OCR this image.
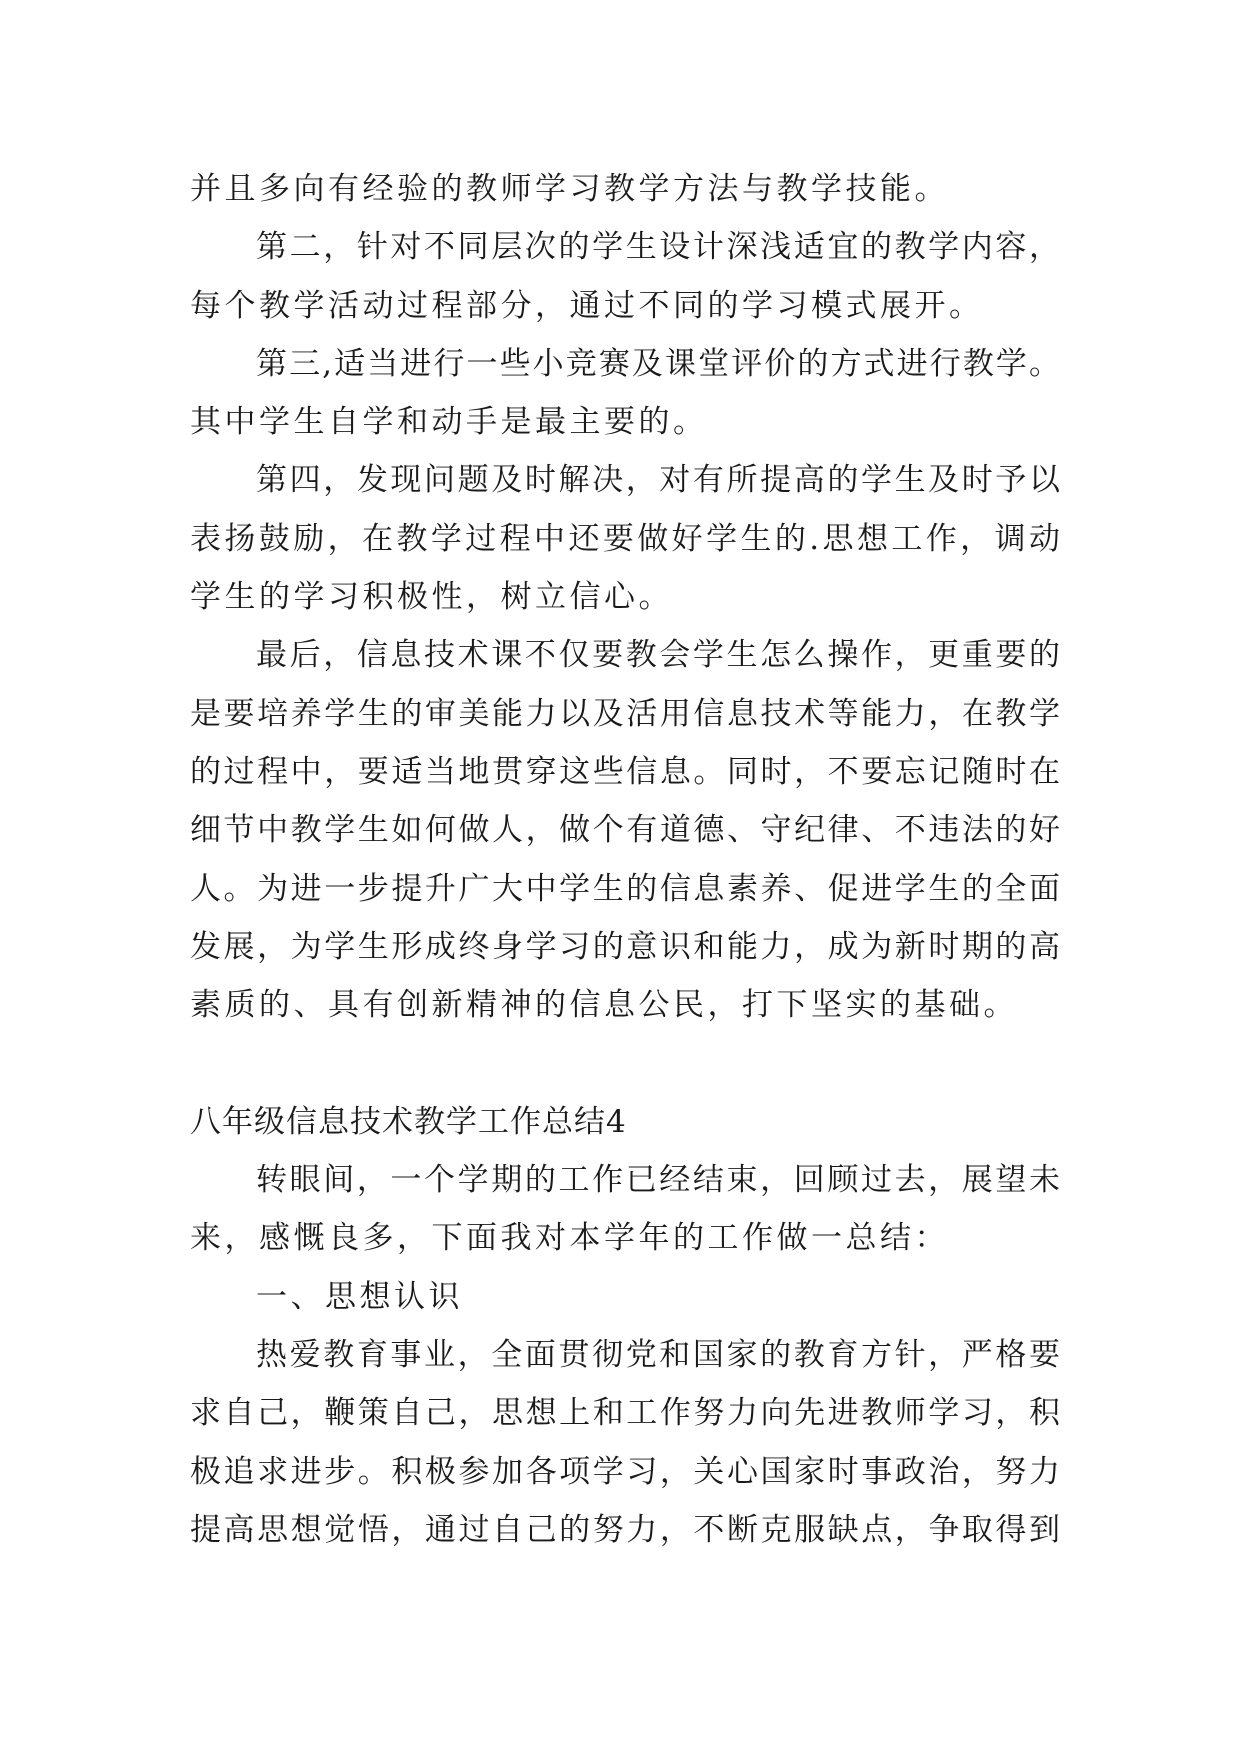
并且多向有经验的教师学习教学方法与教学技能。
第二，针对不同层次的学生设计深浅适宜的教学内容，
每个教学活动过程部分，通过不同的学习模式展开。
第三,适当进行一些小竞赛及课堂评价的方式进行教学。
其中学生自学和动手是最主要的。
第四，发现问题及时解决，对有所提高的学生及时予以
表扬鼓励，在教学过程中还要做好学生的.思想工作，调动
学生的学习积极性，树立信心。
最后，信息技术课不仅要教会学生怎么操作，更重要的
是要培养学生的审美能力以及活用信息技术等能力，在教学
的过程中，要适当地贯穿这些信息。同时，不要忘记随时在
细节中教学生如何做人，做个有道德、守纪律、不违法的好
人。为进一步提升广大中学生的信息素养、促进学生的全面
发展，为学生形成终身学习的意识和能力，成为新时期的高
素质的、具有创新精神的信息公民，打下坚实的基础。
八年级信息技术教学工作总结4
转眼间，一个学期的工作已经结束，回顾过去，展望未
来，感慨良多，下面我对本学年的工作做一总结：
一、思想认识
热爱教育事业，全面贯彻党和国家的教育方针，严格要
求自己，鞭策自己，思想上和工作努力向先进教师学习，积
极追求进步。积极参加各项学习，关心国家时事政治，努力
提高思想觉悟，通过自己的努力，不断克服缺点，争取得到
